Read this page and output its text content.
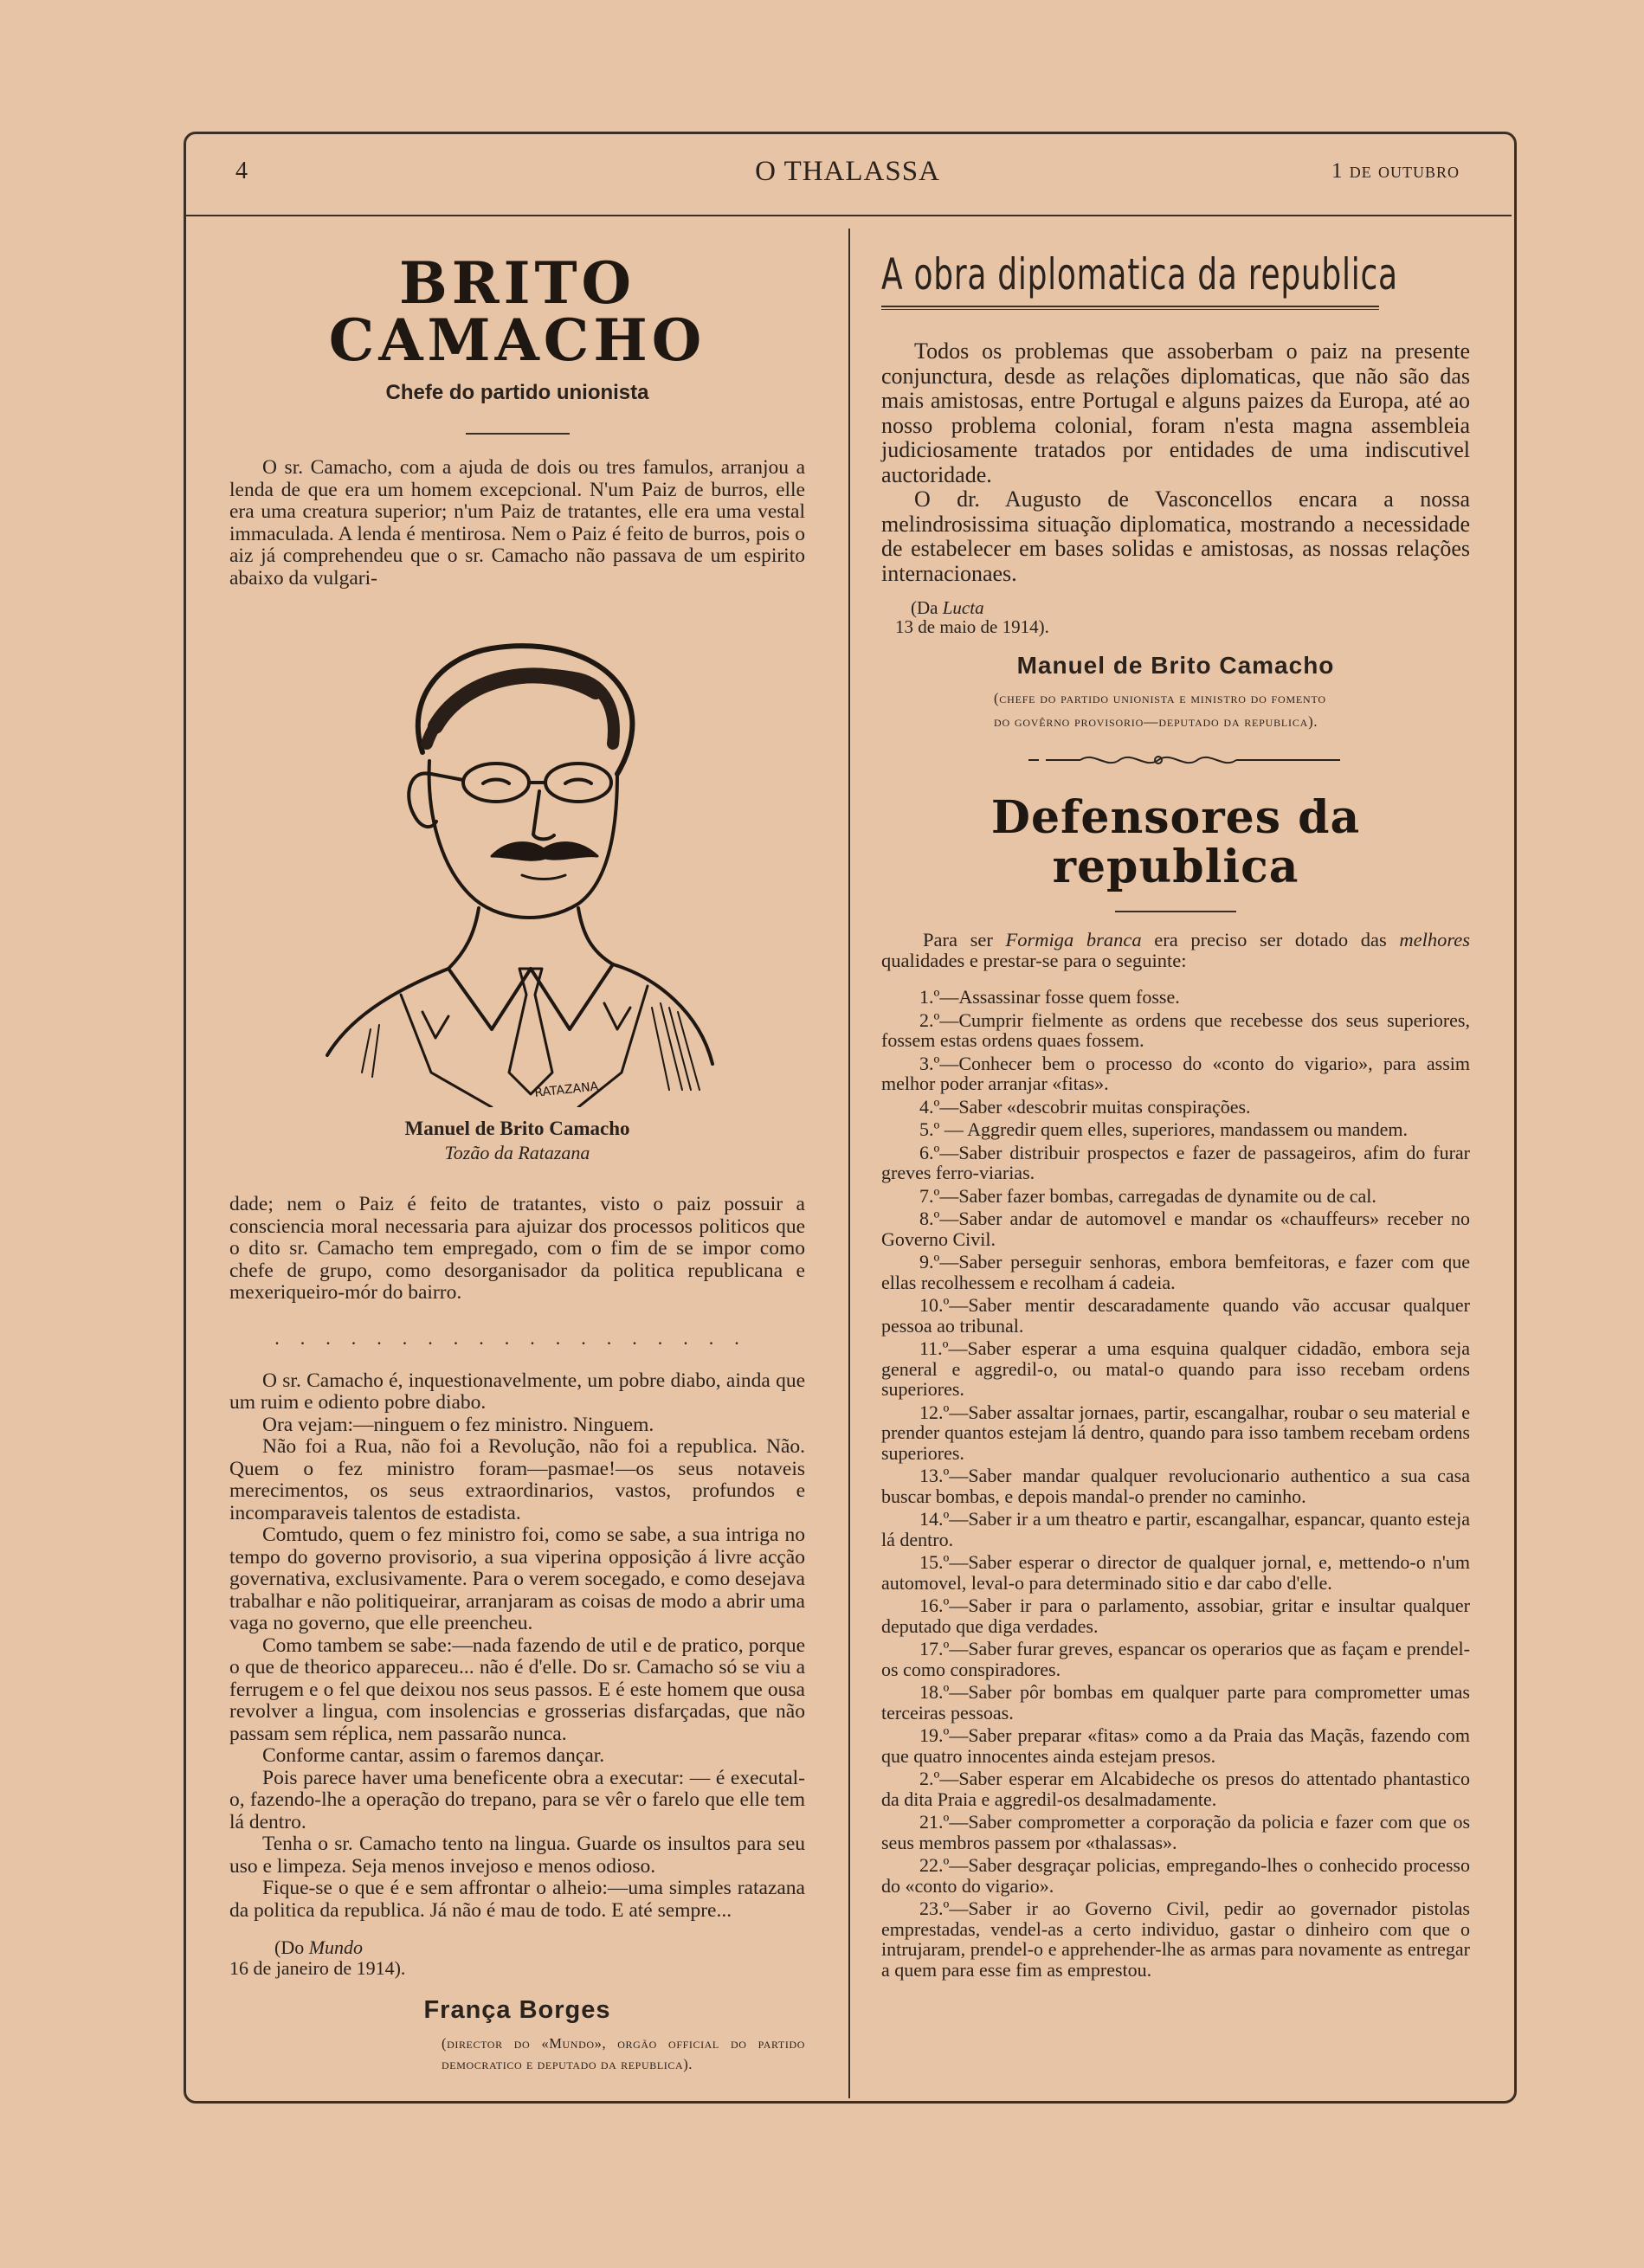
4	O THALASSA	1 de outubro
BRITO CAMACHO
Chefe do partido unionista

O sr. Camacho, com a ajuda de dois ou tres famulos, arranjou a lenda de que era um homem excepcional. N'um Paiz de burros, elle era uma creatura superior; n'um Paiz de tratantes, elle era uma vestal immaculada. A lenda é mentirosa. Nem o Paiz é feito de burros, pois o aiz já comprehendeu que o sr. Camacho não passava de um espirito abaixo da vulgari-

RATAZANA
Manuel de Brito Camacho
Tozão da Ratazana

dade; nem o Paiz é feito de tratantes, visto o paiz possuir a consciencia moral necessaria para ajuizar dos processos politicos que o dito sr. Camacho tem empregado, com o fim de se impor como chefe de grupo, como desorganisador da politica republicana e mexeriqueiro-mór do bairro.

...................

O sr. Camacho é, inquestionavelmente, um pobre diabo, ainda que um ruim e odiento pobre diabo.

Ora vejam:—ninguem o fez ministro. Ninguem.

Não foi a Rua, não foi a Revolução, não foi a republica. Não. Quem o fez ministro foram—pasmae!—os seus notaveis merecimentos, os seus extraordinarios, vastos, profundos e incomparaveis talentos de estadista.

Comtudo, quem o fez ministro foi, como se sabe, a sua intriga no tempo do governo provisorio, a sua viperina opposição á livre acção governativa, exclusivamente. Para o verem socegado, e como desejava trabalhar e não politiqueirar, arranjaram as coisas de modo a abrir uma vaga no governo, que elle preencheu.

Como tambem se sabe:—nada fazendo de util e de pratico, porque o que de theorico appareceu... não é d'elle. Do sr. Camacho só se viu a ferrugem e o fel que deixou nos seus passos. E é este homem que ousa revolver a lingua, com insolencias e grosserias disfarçadas, que não passam sem réplica, nem passarão nunca.

Conforme cantar, assim o faremos dançar.

Pois parece haver uma beneficente obra a executar: — é executal-o, fazendo-lhe a operação do trepano, para se vêr o farelo que elle tem lá dentro.

Tenha o sr. Camacho tento na lingua. Guarde os insultos para seu uso e limpeza. Seja menos invejoso e menos odioso.

Fique-se o que é e sem affrontar o alheio:—uma simples ratazana da politica da republica. Já não é mau de todo. E até sempre...

(Do Mundo
16 de janeiro de 1914).
França Borges
(director do «Mundo», orgão official do partido democratico e deputado da republica).
A obra diplomatica da republica

Todos os problemas que assoberbam o paiz na presente conjunctura, desde as relações diplomaticas, que não são das mais amistosas, entre Portugal e alguns paizes da Europa, até ao nosso problema colonial, foram n'esta magna assembleia judiciosamente tratados por entidades de uma indiscutivel auctoridade.

O dr. Augusto de Vasconcellos encara a nossa melindrosissima situação diplomatica, mostrando a necessidade de estabelecer em bases solidas e amistosas, as nossas relações internacionaes.

(Da Lucta
13 de maio de 1914).
Manuel de Brito Camacho
(chefe do partido unionista e ministro do fomento
do govêrno provisorio—deputado da republica).
Defensores da republica

Para ser Formiga branca era preciso ser dotado das melhores qualidades e prestar-se para o seguinte:

1.º—Assassinar fosse quem fosse.
2.º—Cumprir fielmente as ordens que recebesse dos seus superiores, fossem estas ordens quaes fossem.
3.º—Conhecer bem o processo do «conto do vigario», para assim melhor poder arranjar «fitas».
4.º—Saber «descobrir muitas conspirações.
5.º — Aggredir quem elles, superiores, mandassem ou mandem.
6.º—Saber distribuir prospectos e fazer de passageiros, afim do furar greves ferro-viarias.
7.º—Saber fazer bombas, carregadas de dynamite ou de cal.
8.º—Saber andar de automovel e mandar os «chauffeurs» receber no Governo Civil.
9.º—Saber perseguir senhoras, embora bemfeitoras, e fazer com que ellas recolhessem e recolham á cadeia.
10.º—Saber mentir descaradamente quando vão accusar qualquer pessoa ao tribunal.
11.º—Saber esperar a uma esquina qualquer cidadão, embora seja general e aggredil-o, ou matal-o quando para isso recebam ordens superiores.
12.º—Saber assaltar jornaes, partir, escangalhar, roubar o seu material e prender quantos estejam lá dentro, quando para isso tambem recebam ordens superiores.
13.º—Saber mandar qualquer revolucionario authentico a sua casa buscar bombas, e depois mandal-o prender no caminho.
14.º—Saber ir a um theatro e partir, escangalhar, espancar, quanto esteja lá dentro.
15.º—Saber esperar o director de qualquer jornal, e, mettendo-o n'um automovel, leval-o para determinado sitio e dar cabo d'elle.
16.º—Saber ir para o parlamento, assobiar, gritar e insultar qualquer deputado que diga verdades.
17.º—Saber furar greves, espancar os operarios que as façam e prendel-os como conspiradores.
18.º—Saber pôr bombas em qualquer parte para comprometter umas terceiras pessoas.
19.º—Saber preparar «fitas» como a da Praia das Maçãs, fazendo com que quatro innocentes ainda estejam presos.
2.º—Saber esperar em Alcabideche os presos do attentado phantastico da dita Praia e aggredil-os desalmadamente.
21.º—Saber comprometter a corporação da policia e fazer com que os seus membros passem por «thalassas».
22.º—Saber desgraçar policias, empregando-lhes o conhecido processo do «conto do vigario».
23.º—Saber ir ao Governo Civil, pedir ao governador pistolas emprestadas, vendel-as a certo individuo, gastar o dinheiro com que o intrujaram, prendel-o e apprehender-lhe as armas para novamente as entregar a quem para esse fim as emprestou.
